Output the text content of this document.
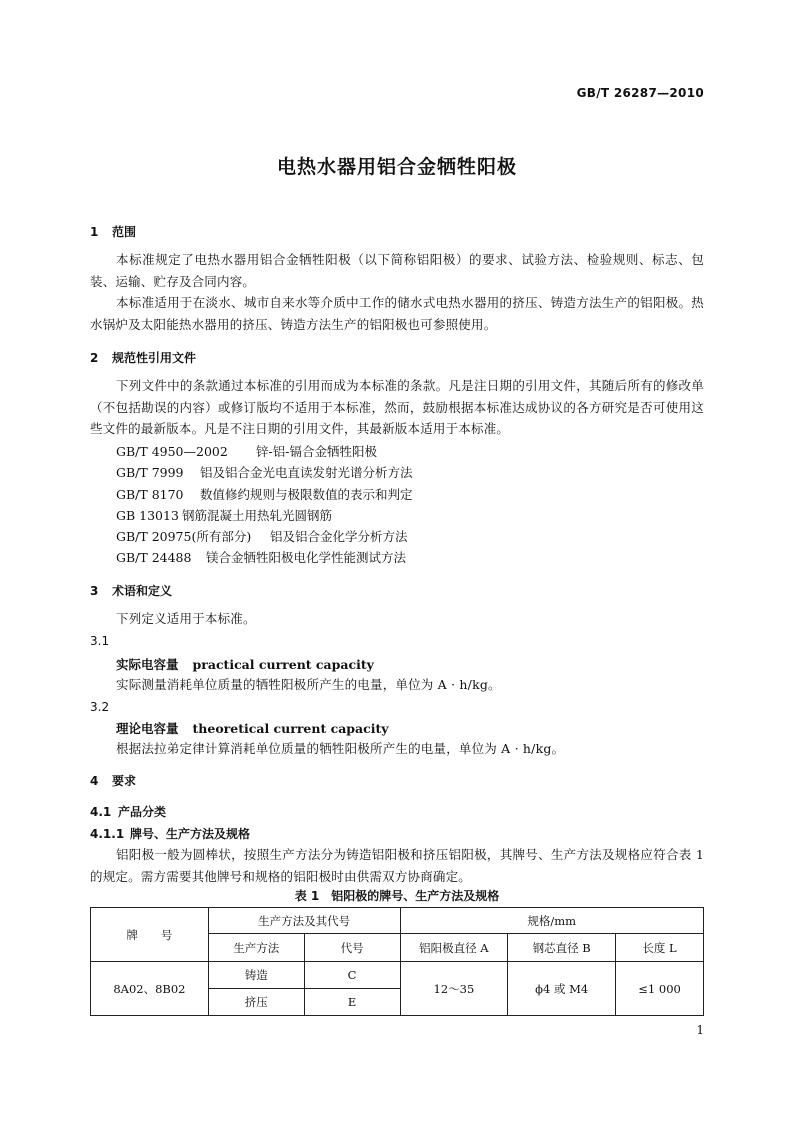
GB/T 26287—2010
电热水器用铝合金牺牲阳极
1 范围
本标准规定了电热水器用铝合金牺牲阳极（以下简称铝阳极）的要求、试验方法、检验规则、标志、包装、运输、贮存及合同内容。
本标准适用于在淡水、城市自来水等介质中工作的储水式电热水器用的挤压、铸造方法生产的铝阳极。热水锅炉及太阳能热水器用的挤压、铸造方法生产的铝阳极也可参照使用。
2 规范性引用文件
下列文件中的条款通过本标准的引用而成为本标准的条款。凡是注日期的引用文件，其随后所有的修改单（不包括勘误的内容）或修订版均不适用于本标准，然而，鼓励根据本标准达成协议的各方研究是否可使用这些文件的最新版本。凡是不注日期的引用文件，其最新版本适用于本标准。
GB/T 4950—2002 锌-铝-镉合金牺牲阳极
GB/T 7999 铝及铝合金光电直读发射光谱分析方法
GB/T 8170 数值修约规则与极限数值的表示和判定
GB 13013 钢筋混凝土用热轧光圆钢筋
GB/T 20975(所有部分) 铝及铝合金化学分析方法
GB/T 24488 镁合金牺牲阳极电化学性能测试方法
3 术语和定义
下列定义适用于本标准。
3.1
实际电容量 practical current capacity
实际测量消耗单位质量的牺牲阳极所产生的电量，单位为 A · h/kg。
3.2
理论电容量 theoretical current capacity
根据法拉弟定律计算消耗单位质量的牺牲阳极所产生的电量，单位为 A · h/kg。
4 要求
4.1 产品分类
4.1.1 牌号、生产方法及规格
铝阳极一般为圆棒状，按照生产方法分为铸造铝阳极和挤压铝阳极，其牌号、生产方法及规格应符合表 1 的规定。需方需要其他牌号和规格的铝阳极时由供需双方协商确定。
表 1　铝阳极的牌号、生产方法及规格
牌　　号	生产方法及其代号		规格/mm		
	生产方法	代号	铝阳极直径 A	钢芯直径 B	长度 L
8A02、8B02	铸造	C	12～35	ϕ4 或 M4	≤1 000
	挤压	E			
1
